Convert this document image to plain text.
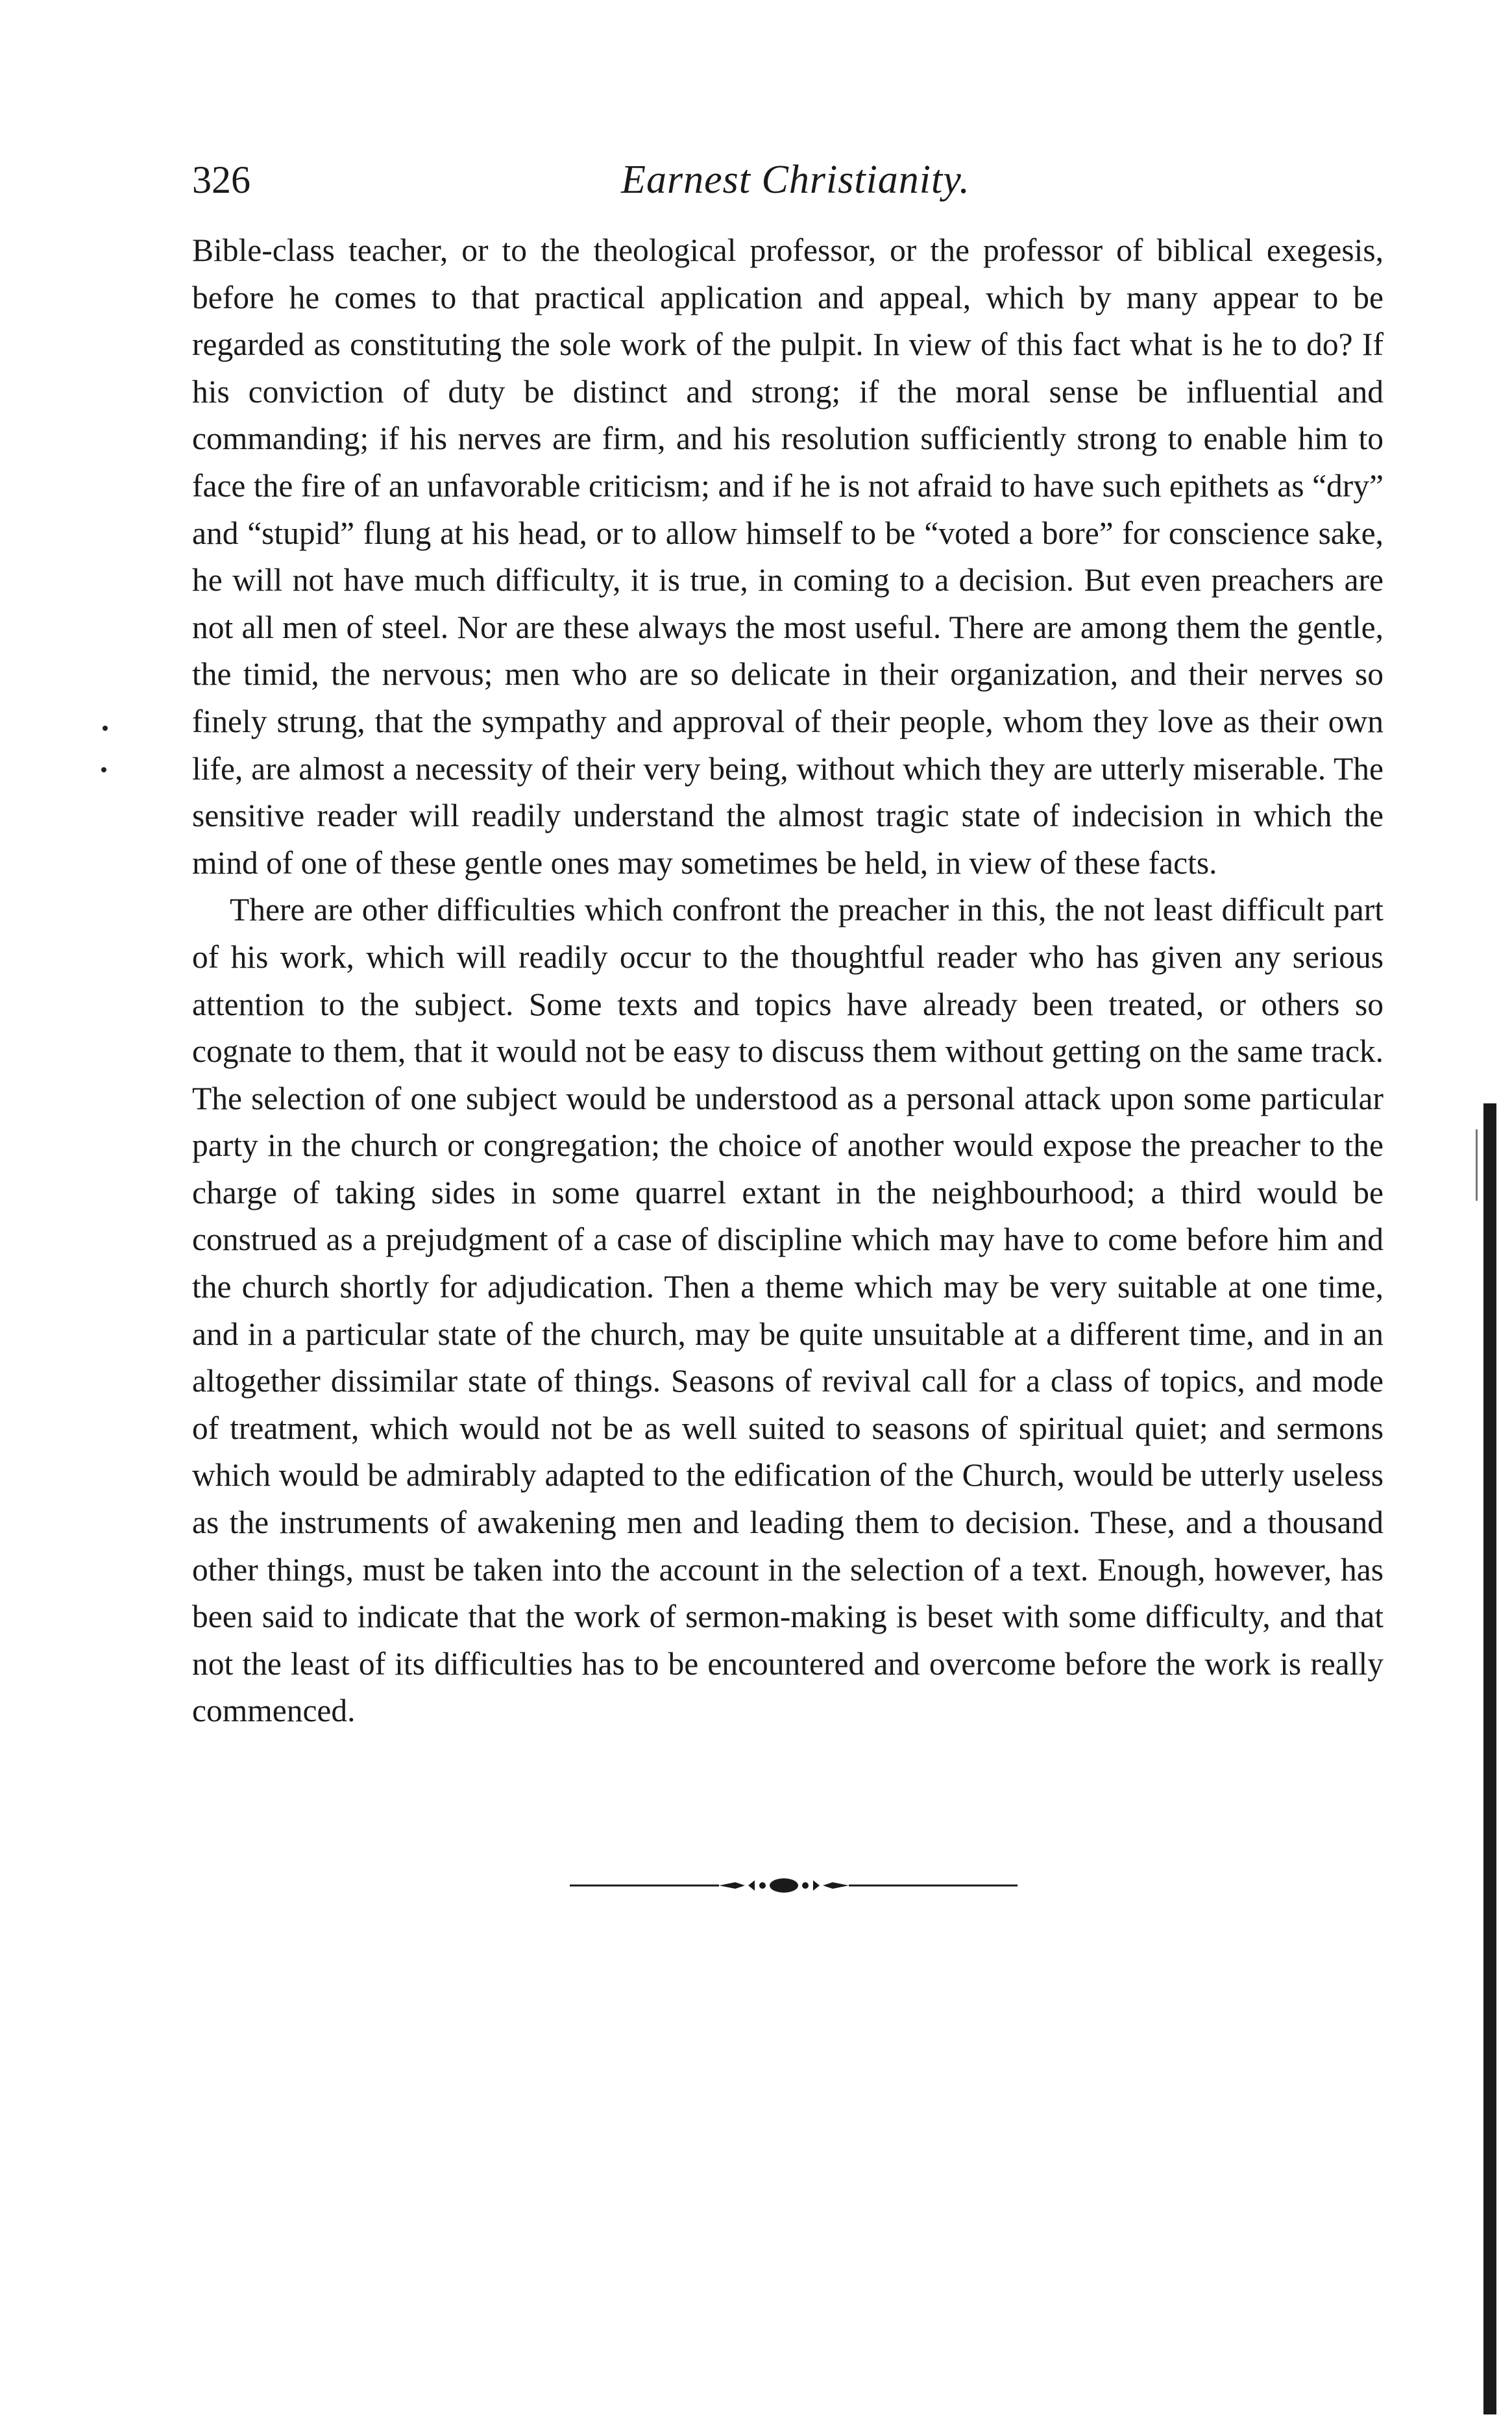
326	Earnest Christianity.

Bible-class teacher, or to the theological professor, or the professor of biblical exegesis, before he comes to that practical application and appeal, which by many appear to be regarded as constituting the sole work of the pulpit. In view of this fact what is he to do? If his conviction of duty be distinct and strong; if the moral sense be influential and commanding; if his nerves are firm, and his resolution sufficiently strong to enable him to face the fire of an unfavorable criticism; and if he is not afraid to have such epithets as “dry” and “stupid” flung at his head, or to allow himself to be “voted a bore” for conscience sake, he will not have much difficulty, it is true, in coming to a decision. But even preachers are not all men of steel. Nor are these always the most useful. There are among them the gentle, the timid, the nervous; men who are so delicate in their organization, and their nerves so finely strung, that the sympathy and approval of their people, whom they love as their own life, are almost a necessity of their very being, without which they are utterly miserable. The sensitive reader will readily understand the almost tragic state of indecision in which the mind of one of these gentle ones may sometimes be held, in view of these facts.

There are other difficulties which confront the preacher in this, the not least difficult part of his work, which will readily occur to the thoughtful reader who has given any serious attention to the subject. Some texts and topics have already been treated, or others so cognate to them, that it would not be easy to discuss them without getting on the same track. The selection of one subject would be understood as a personal attack upon some particular party in the church or congregation; the choice of another would expose the preacher to the charge of taking sides in some quarrel extant in the neighbourhood; a third would be construed as a prejudgment of a case of discipline which may have to come before him and the church shortly for adjudication. Then a theme which may be very suitable at one time, and in a particular state of the church, may be quite unsuitable at a different time, and in an altogether dissimilar state of things. Seasons of revival call for a class of topics, and mode of treatment, which would not be as well suited to seasons of spiritual quiet; and sermons which would be admirably adapted to the edification of the Church, would be utterly useless as the instruments of awakening men and leading them to decision. These, and a thousand other things, must be taken into the account in the selection of a text. Enough, however, has been said to indicate that the work of sermon-making is beset with some difficulty, and that not the least of its difficulties has to be encountered and overcome before the work is really commenced.
